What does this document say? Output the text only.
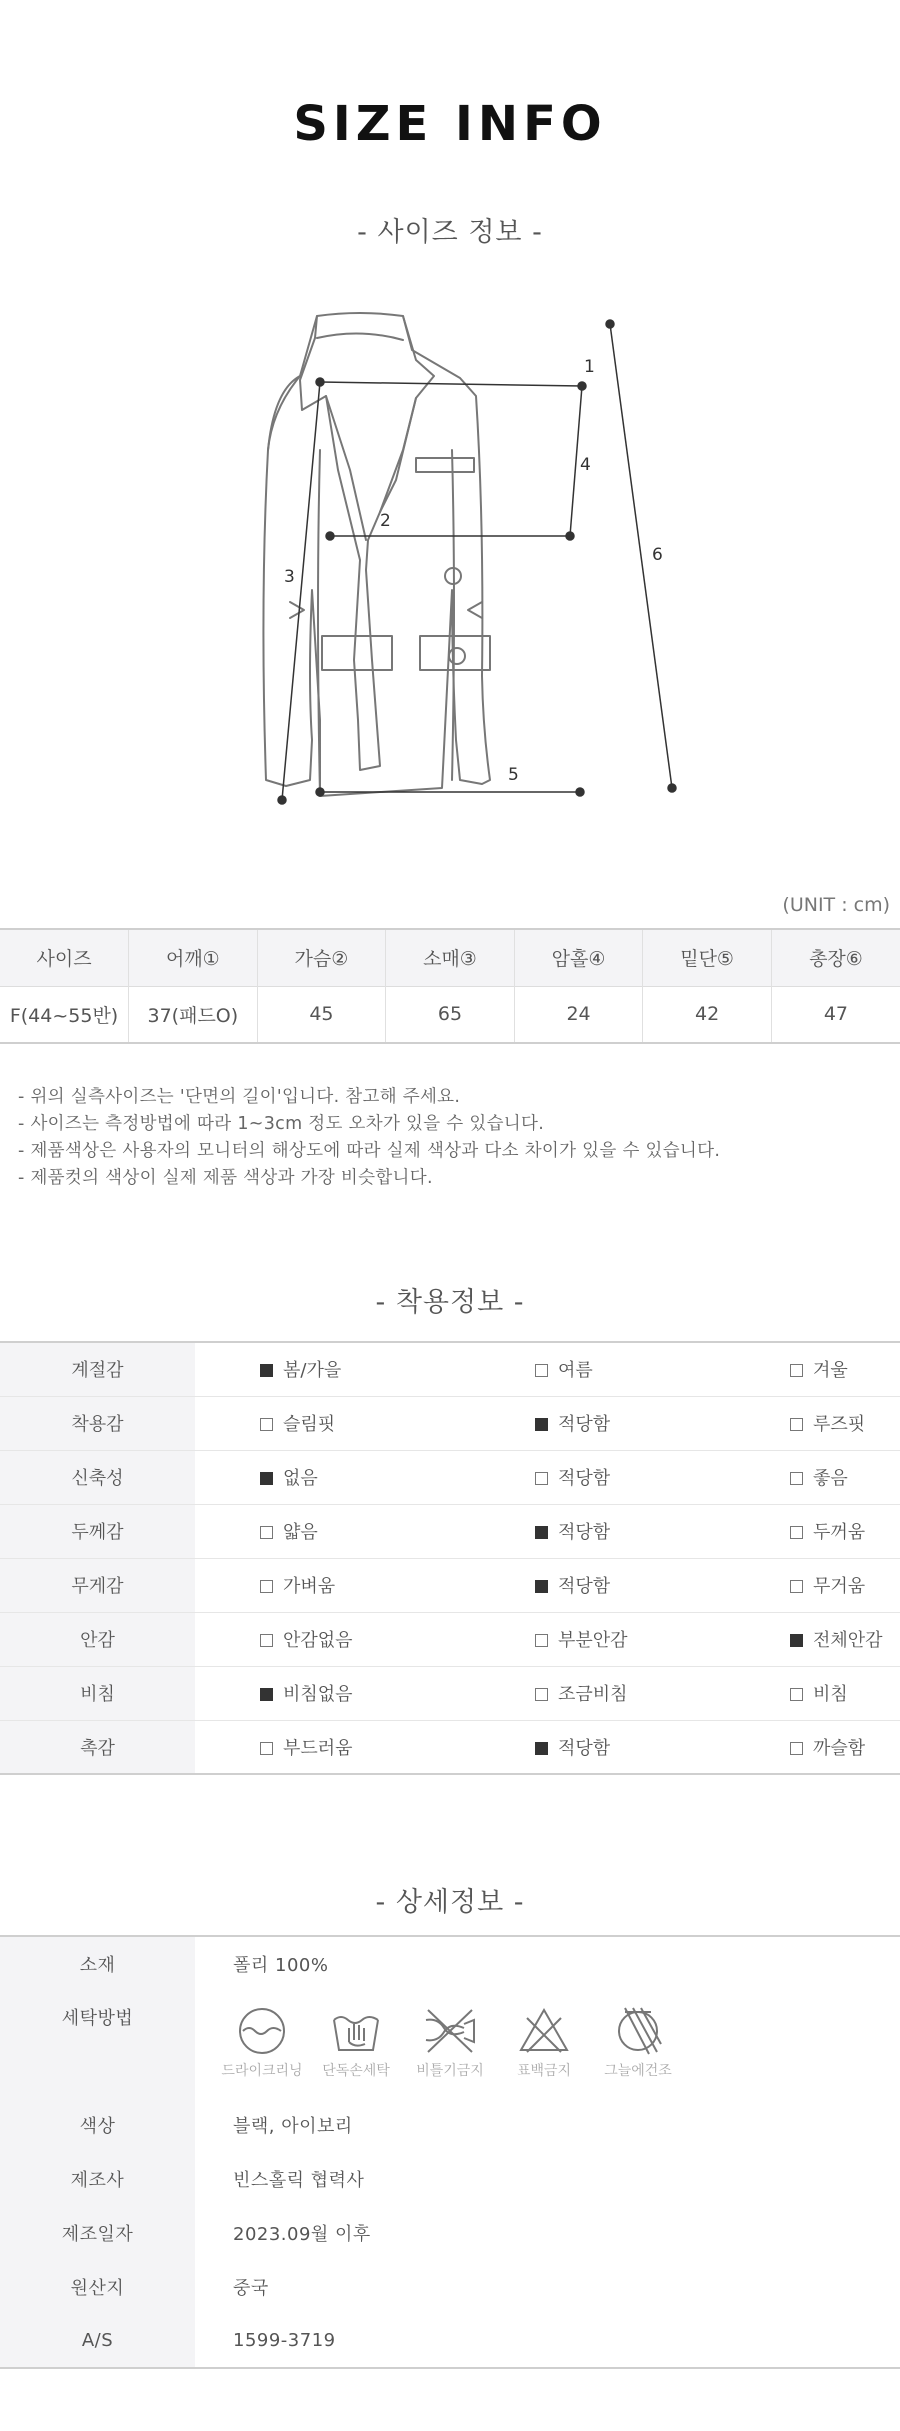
SIZE INFO
- 사이즈 정보 -
1
2
3
4
5
6
(UNIT : cm)
사이즈	어깨①	가슴②	소매③	암홀④	밑단⑤	총장⑥
F(44~55반)	37(패드O)	45	65	24	42	47
- 위의 실측사이즈는 '단면의 길이'입니다. 참고해 주세요.
- 사이즈는 측정방법에 따라 1~3cm 정도 오차가 있을 수 있습니다.
- 제품색상은 사용자의 모니터의 해상도에 따라 실제 색상과 다소 차이가 있을 수 있습니다.
- 제품컷의 색상이 실제 제품 색상과 가장 비슷합니다.
- 착용정보 -
계절감	봄/가을	여름	겨울
착용감	슬림핏	적당함	루즈핏
신축성	없음	적당함	좋음
두께감	얇음	적당함	두꺼움
무게감	가벼움	적당함	무거움
안감	안감없음	부분안감	전체안감
비침	비침없음	조금비침	비침
촉감	부드러움	적당함	까슬함
- 상세정보 -
소재	폴리 100%
세탁방법	드라이크리닝 단독손세탁 비틀기금지 표백금지 그늘에건조

색상	블랙, 아이보리
제조사	빈스홀릭 협력사
제조일자	2023.09월 이후
원산지	중국
A/S	1599-3719
